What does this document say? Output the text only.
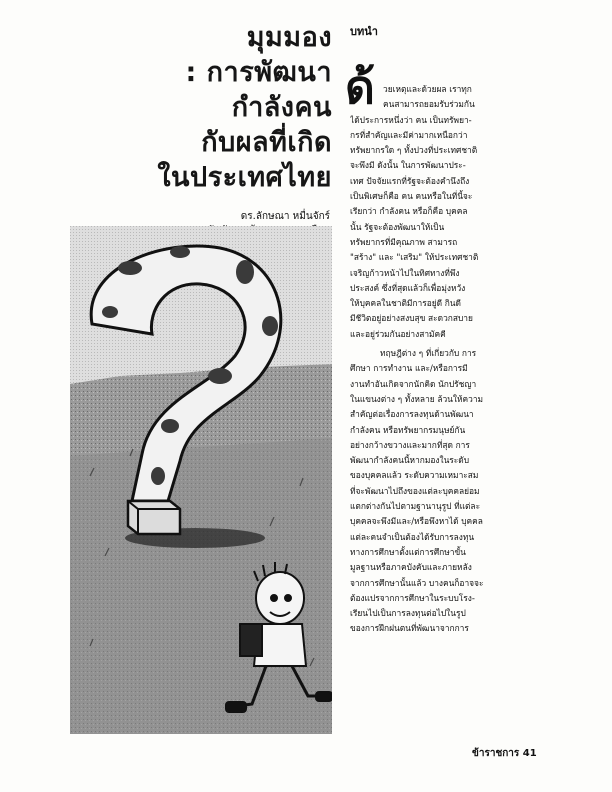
มุมมอง
: การพัฒนา
กำลังคน
กับผลที่เกิด
ในประเทศไทย
ดร.ลักษณา หมื่นจักร์
บทนำ
ด้ วยเหตุและด้วยผล เราทุก
คนสามารถยอมรับร่วมกัน
ได้ประการหนึ่งว่า คน เป็นทรัพยา-
กรที่สำคัญและมีค่ามากเหนือกว่า
ทรัพยากรใด ๆ ทั้งปวงที่ประเทศชาติ
จะพึงมี ดังนั้น ในการพัฒนาประ-
เทศ ปัจจัยแรกที่รัฐจะต้องคำนึงถึง
เป็นพิเศษก็คือ คน คนหรือในที่นี้จะ
เรียกว่า กำลังคน หรือก็คือ บุคคล
นั้น รัฐจะต้องพัฒนาให้เป็น
ทรัพยากรที่มีคุณภาพ สามารถ
"สร้าง" และ "เสริม" ให้ประเทศชาติ
เจริญก้าวหน้าไปในทิศทางที่พึง
ประสงค์ ซึ่งที่สุดแล้วก็เพื่อมุ่งหวัง
ให้บุคคลในชาติมีการอยู่ดี กินดี
มีชีวิตอยู่อย่างสงบสุข สะดวกสบาย
และอยู่ร่วมกันอย่างสามัคคี
ทฤษฎีต่าง ๆ ที่เกี่ยวกับ การ
ศึกษา การทำงาน และ/หรือการมี
งานทำอันเกิดจากนักคิด นักปรัชญา
ในแขนงต่าง ๆ ทั้งหลาย ล้วนให้ความ
สำคัญต่อเรื่องการลงทุนด้านพัฒนา
กำลังคน หรือทรัพยากรมนุษย์กัน
อย่างกว้างขวางและมากที่สุด การ
พัฒนากำลังคนนี้หากมองในระดับ
ของบุคคลแล้ว ระดับความเหมาะสม
ที่จะพัฒนาไปถึงของแต่ละบุคคลย่อม
แตกต่างกันไปตามฐานานุรูป ที่แต่ละ
บุคคลจะพึงมีและ/หรือพึงหาได้ บุคคล
แต่ละคนจำเป็นต้องได้รับการลงทุน
ทางการศึกษาตั้งแต่การศึกษาขั้น
มูลฐานหรือภาคบังคับและภายหลัง
จากการศึกษานั้นแล้ว บางคนก็อาจจะ
ต้องแปรจากการศึกษาในระบบโรง-
เรียนไปเป็นการลงทุนต่อไปในรูป
ของการฝึกฝนตนที่พัฒนาจากการ
ข้าราชการ 41
